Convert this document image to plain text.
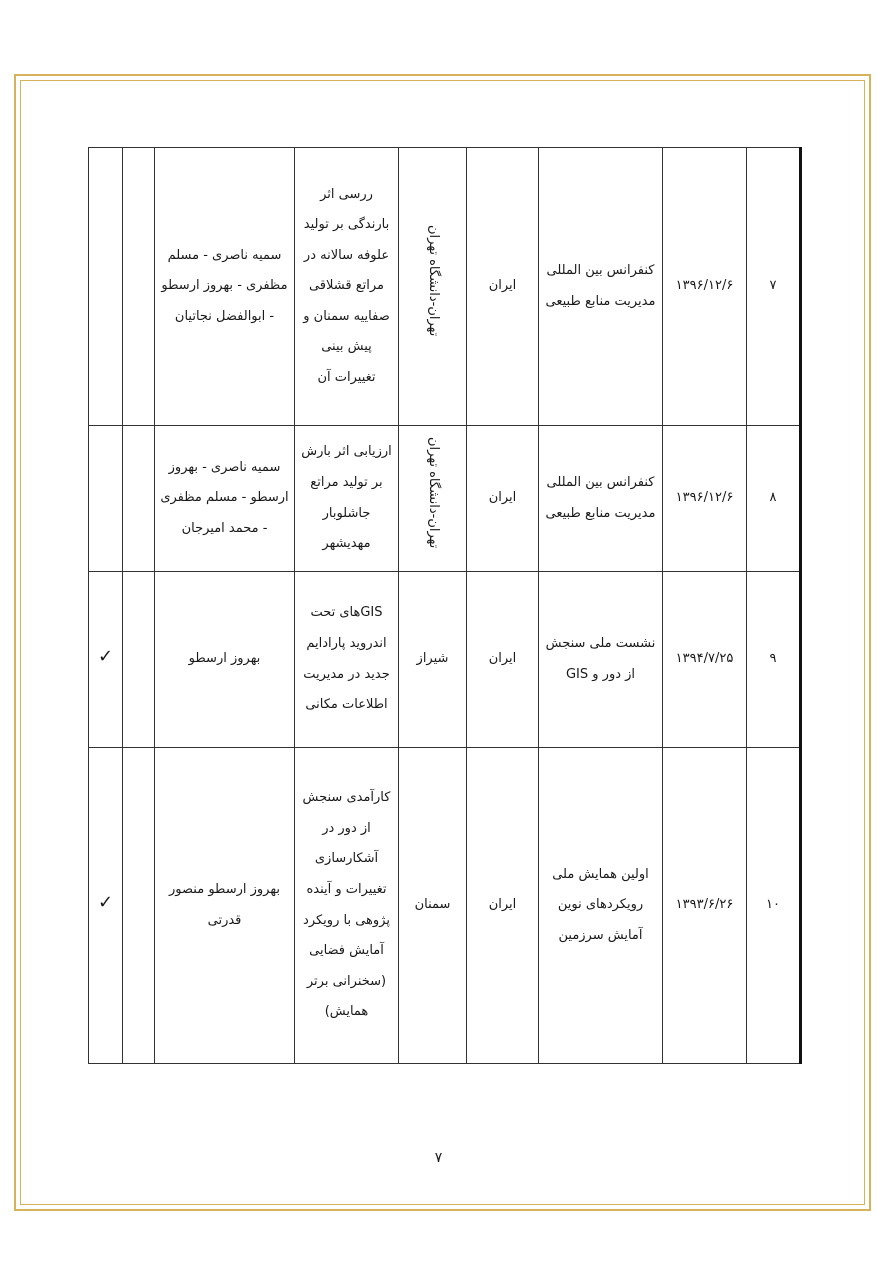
۷	۱۳۹۶/۱۲/۶	کنفرانس بین المللی مدیریت منابع طبیعی	ایران	تهران-دانشگاه تهران	ررسی اثر بارندگی بر تولید علوفه سالانه در مراتع قشلاقی صفاییه سمنان و پیش بینی تغییرات آن	سمیه ناصری - مسلم مظفری - بهروز ارسطو - ابوالفضل نجاتیان		
۸	۱۳۹۶/۱۲/۶	کنفرانس بین المللی مدیریت منابع طبیعی	ایران	تهران-دانشگاه تهران	ارزیابی اثر بارش بر تولید مراتع جاشلوبار مهدیشهر	سمیه ناصری - بهروز ارسطو - مسلم مظفری - محمد امیرجان		
۹	۱۳۹۴/۷/۲۵	نشست ملی سنجش از دور و GIS	ایران	شیراز	GISهای تحت اندروید پارادایم جدید در مدیریت اطلاعات مکانی	بهروز ارسطو		✓
۱۰	۱۳۹۳/۶/۲۶	اولین همایش ملی رویکردهای نوین آمایش سرزمین	ایران	سمنان	کارآمدی سنجش از دور در آشکارسازی تغییرات و آینده پژوهی با رویکرد آمایش فضایی (سخنرانی برتر همایش)	بهروز ارسطو منصور قدرتی		✓
۷
